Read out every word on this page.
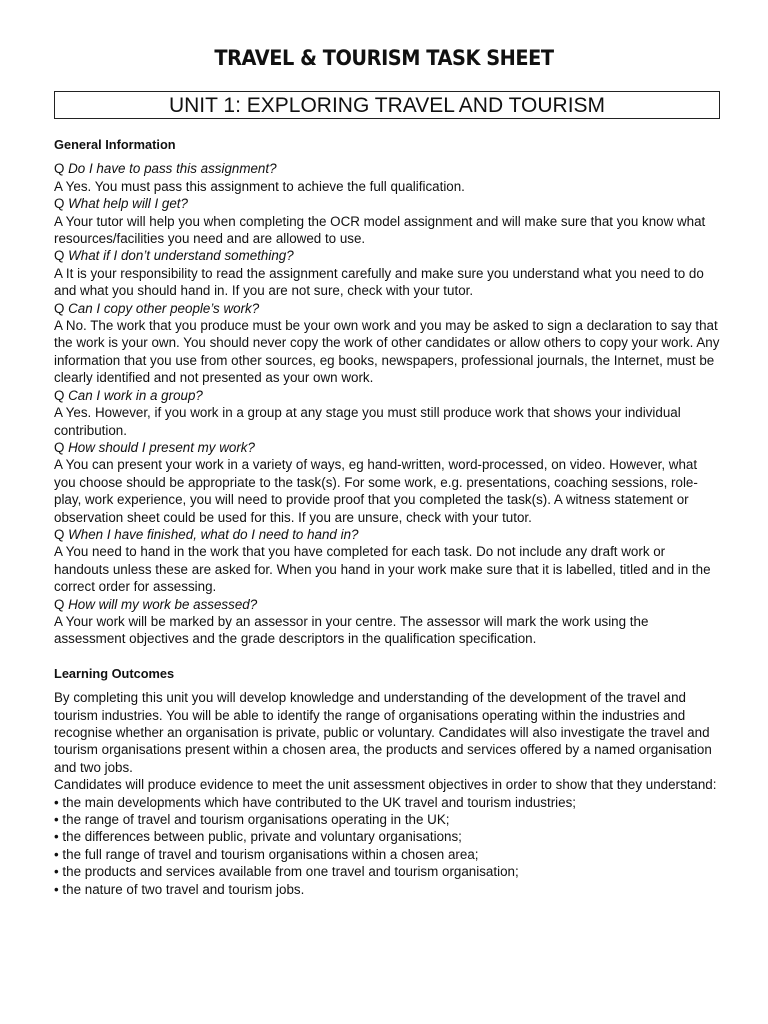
TRAVEL & TOURISM TASK SHEET
UNIT 1: EXPLORING TRAVEL AND TOURISM
General Information

Q Do I have to pass this assignment?

A Yes. You must pass this assignment to achieve the full qualification.

Q What help will I get?

A Your tutor will help you when completing the OCR model assignment and will make sure that you know what resources/facilities you need and are allowed to use.

Q What if I don’t understand something?

A It is your responsibility to read the assignment carefully and make sure you understand what you need to do and what you should hand in. If you are not sure, check with your tutor.

Q Can I copy other people’s work?

A No. The work that you produce must be your own work and you may be asked to sign a declaration to say that the work is your own. You should never copy the work of other candidates or allow others to copy your work. Any information that you use from other sources, eg books, newspapers, professional journals, the Internet, must be clearly identified and not presented as your own work.

Q Can I work in a group?

A Yes. However, if you work in a group at any stage you must still produce work that shows your individual contribution.

Q How should I present my work?

A You can present your work in a variety of ways, eg hand-written, word-processed, on video. However, what you choose should be appropriate to the task(s). For some work, e.g. presentations, coaching sessions, role-play, work experience, you will need to provide proof that you completed the task(s). A witness statement or observation sheet could be used for this. If you are unsure, check with your tutor.

Q When I have finished, what do I need to hand in?

A You need to hand in the work that you have completed for each task. Do not include any draft work or handouts unless these are asked for. When you hand in your work make sure that it is labelled, titled and in the correct order for assessing.

Q How will my work be assessed?

A Your work will be marked by an assessor in your centre. The assessor will mark the work using the assessment objectives and the grade descriptors in the qualification specification.

Learning Outcomes

By completing this unit you will develop knowledge and understanding of the development of the travel and tourism industries. You will be able to identify the range of organisations operating within the industries and recognise whether an organisation is private, public or voluntary. Candidates will also investigate the travel and tourism organisations present within a chosen area, the products and services offered by a named organisation and two jobs.

Candidates will produce evidence to meet the unit assessment objectives in order to show that they understand:

• the main developments which have contributed to the UK travel and tourism industries;
• the range of travel and tourism organisations operating in the UK;
• the differences between public, private and voluntary organisations;
• the full range of travel and tourism organisations within a chosen area;
• the products and services available from one travel and tourism organisation;
• the nature of two travel and tourism jobs.
